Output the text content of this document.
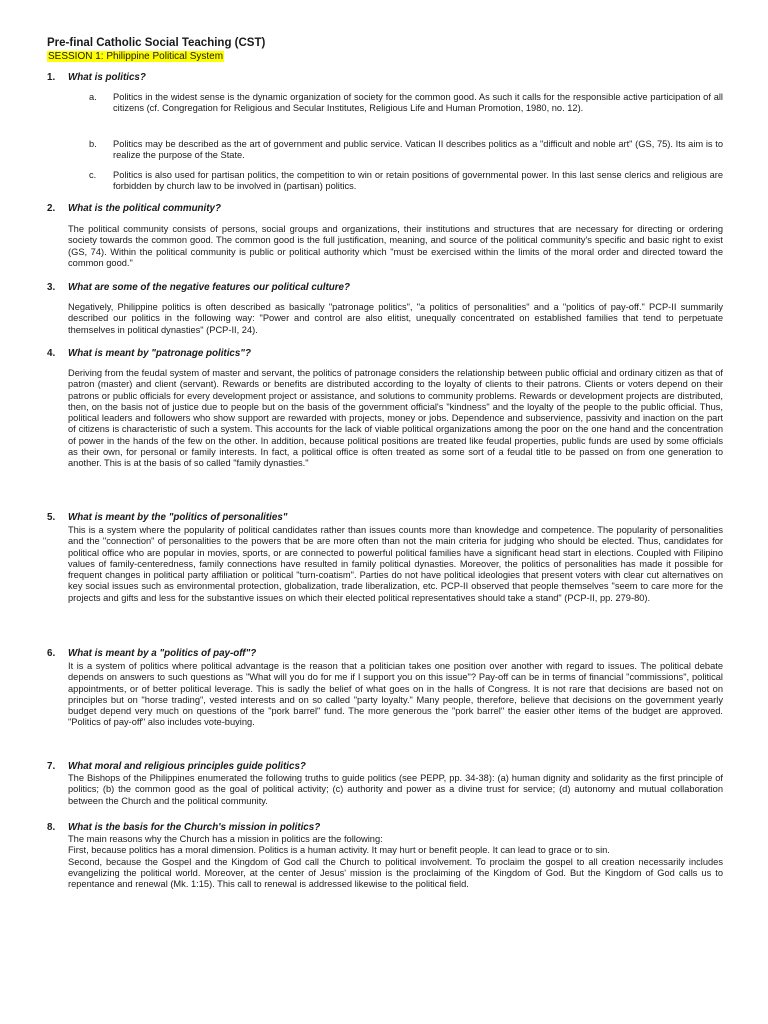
Pre-final Catholic Social Teaching (CST)
SESSION 1: Philippine Political System
1. What is politics?
a. Politics in the widest sense is the dynamic organization of society for the common good. As such it calls for the responsible active participation of all citizens (cf. Congregation for Religious and Secular Institutes, Religious Life and Human Promotion, 1980, no. 12).
b. Politics may be described as the art of government and public service. Vatican II describes politics as a "difficult and noble art" (GS, 75). Its aim is to realize the purpose of the State.
c. Politics is also used for partisan politics, the competition to win or retain positions of governmental power. In this last sense clerics and religious are forbidden by church law to be involved in (partisan) politics.
2. What is the political community?

The political community consists of persons, social groups and organizations, their institutions and structures that are necessary for directing or ordering society towards the common good. The common good is the full justification, meaning, and source of the political community's specific and basic right to exist (GS, 74). Within the political community is public or political authority which "must be exercised within the limits of the moral order and directed toward the common good."

3. What are some of the negative features our political culture?

Negatively, Philippine politics is often described as basically "patronage politics", "a politics of personalities" and a "politics of pay-off." PCP-II summarily described our politics in the following way: "Power and control are also elitist, unequally concentrated on established families that tend to perpetuate themselves in political dynasties" (PCP-II, 24).

4. What is meant by "patronage politics"?

Deriving from the feudal system of master and servant, the politics of patronage considers the relationship between public official and ordinary citizen as that of patron (master) and client (servant). Rewards or benefits are distributed according to the loyalty of clients to their patrons. Clients or voters depend on their patrons or public officials for every development project or assistance, and solutions to community problems. Rewards or development projects are distributed, then, on the basis not of justice due to people but on the basis of the government official's "kindness" and the loyalty of the people to the public official. Thus, political leaders and followers who show support are rewarded with projects, money or jobs. Dependence and subservience, passivity and inaction on the part of citizens is characteristic of such a system. This accounts for the lack of viable political organizations among the poor on the one hand and the concentration of power in the hands of the few on the other. In addition, because political positions are treated like feudal properties, public funds are used by some officials as their own, for personal or family interests. In fact, a political office is often treated as some sort of a feudal title to be passed on from one generation to another. This is at the basis of so called "family dynasties."

5. What is meant by the "politics of personalities"

This is a system where the popularity of political candidates rather than issues counts more than knowledge and competence. The popularity of personalities and the "connection" of personalities to the powers that be are more often than not the main criteria for judging who should be elected. Thus, candidates for political office who are popular in movies, sports, or are connected to powerful political families have a significant head start in elections. Coupled with Filipino values of family-centeredness, family connections have resulted in family political dynasties. Moreover, the politics of personalities has made it possible for frequent changes in political party affiliation or political "turn-coatism". Parties do not have political ideologies that present voters with clear cut alternatives on key social issues such as environmental protection, globalization, trade liberalization, etc. PCP-II observed that people themselves "seem to care more for the projects and gifts and less for the substantive issues on which their elected political representatives should take a stand" (PCP-II, pp. 279-80).

6. What is meant by a "politics of pay-off"?

It is a system of politics where political advantage is the reason that a politician takes one position over another with regard to issues. The political debate depends on answers to such questions as "What will you do for me if I support you on this issue"? Pay-off can be in terms of financial "commissions", political appointments, or of better political leverage. This is sadly the belief of what goes on in the halls of Congress. It is not rare that decisions are based not on principles but on "horse trading", vested interests and on so called "party loyalty." Many people, therefore, believe that decisions on the government yearly budget depend very much on questions of the "pork barrel" fund. The more generous the "pork barrel" the easier other items of the budget are approved. "Politics of pay-off" also includes vote-buying.

7. What moral and religious principles guide politics?

The Bishops of the Philippines enumerated the following truths to guide politics (see PEPP, pp. 34-38): (a) human dignity and solidarity as the first principle of politics; (b) the common good as the goal of political activity; (c) authority and power as a divine trust for service; (d) autonomy and mutual collaboration between the Church and the political community.

8. What is the basis for the Church's mission in politics?
The main reasons why the Church has a mission in politics are the following:
First, because politics has a moral dimension. Politics is a human activity. It may hurt or benefit people. It can lead to grace or to sin.
Second, because the Gospel and the Kingdom of God call the Church to political involvement. To proclaim the gospel to all creation necessarily includes evangelizing the political world. Moreover, at the center of Jesus' mission is the proclaiming of the Kingdom of God. But the Kingdom of God calls us to repentance and renewal (Mk. 1:15). This call to renewal is addressed likewise to the political field.
